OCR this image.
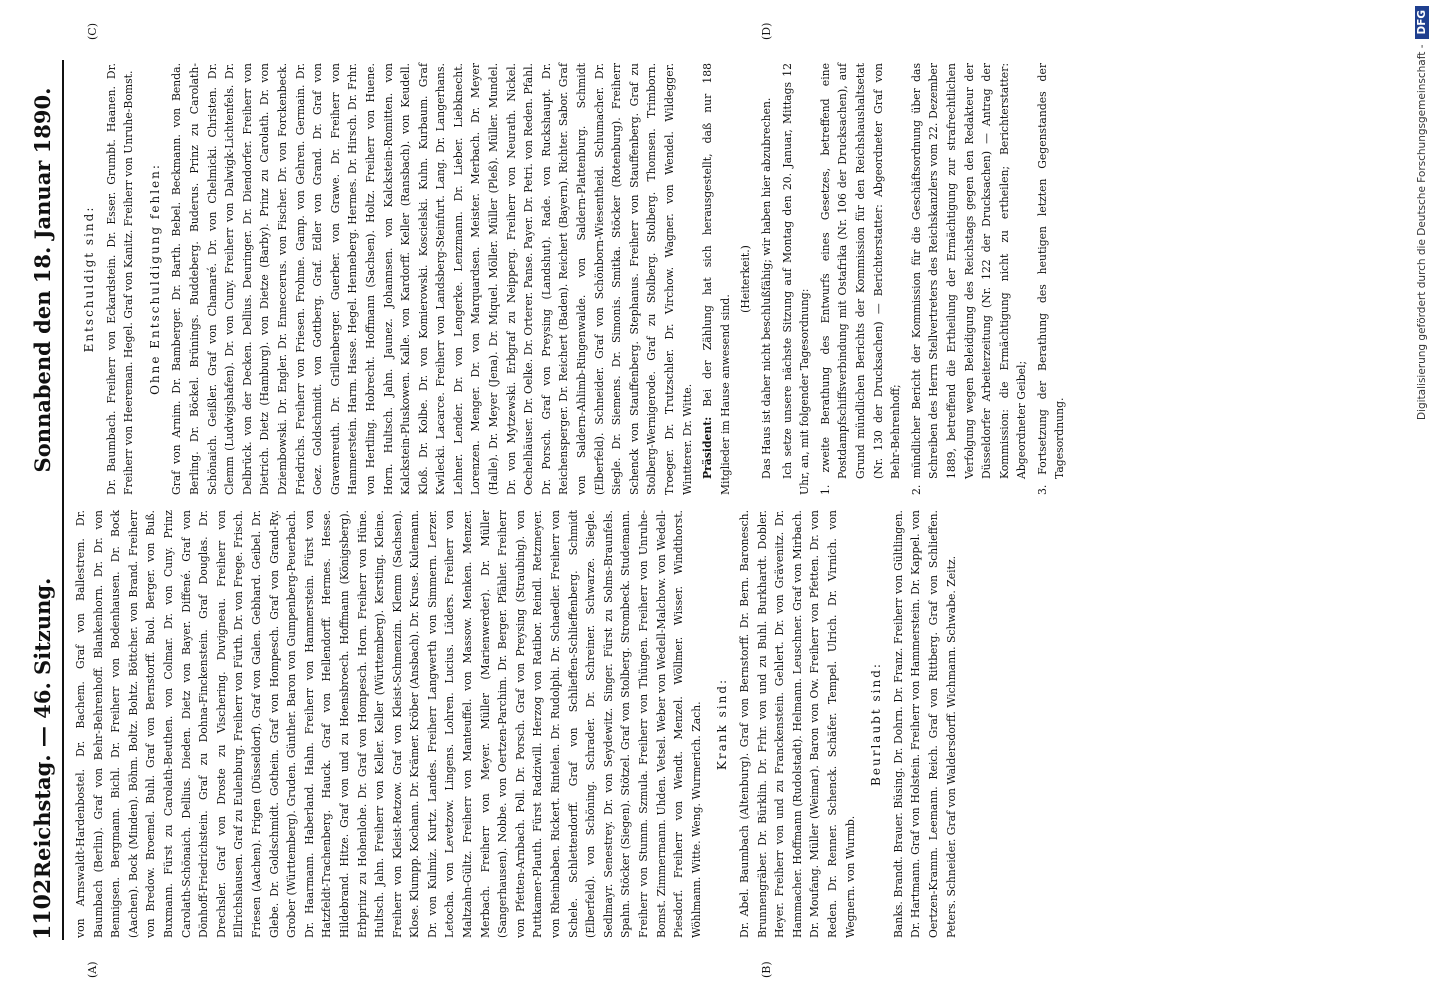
1102
Reichstag. — 46. Sitzung.
Sonnabend den 18. Januar 1890.
(A)	(B)
(C)	(D)

von Arnswaldt-Hardenbostel. Dr. Bachem. Graf von Ballestrem. Dr. Baumbach (Berlin). Graf von Behr-Behrenhoff. Blankenhorn. Dr. Dr. von Bennigsen. Bergmann. Bichl. Dr. Freiherr von Bodenhausen. Dr. Bock (Aachen). Bock (Minden). Böhm. Boltz. Bohtz. Böttcher. von Brand. Freiherr von Bredow. Broemel. Buhl. Graf von Bernstorff. Buol. Berger. von Buß. Buxmann. Fürst zu Carolath-Beuthen. von Colmar. Dr. von Cuny. Prinz Carolath-Schönaich. Dellius. Dieden. Dietz von Bayer. Diffené. Graf von Dönhoff-Friedrichstein. Graf zu Dohna-Finckenstein. Graf Douglas. Dr. Drechsler. Graf von Droste zu Vischering. Duvigneau. Freiherr von Ellrichshausen. Graf zu Eulenburg. Freiherr von Fürth. Dr. von Frege. Frisch. Friesen (Aachen). Frigen (Düsseldorf). Graf von Galen. Gebhard. Geibel. Dr. Glebe. Dr. Goldschmidt. Gothein. Graf von Hompesch. Graf von Grand-Ry. Grober (Württemberg). Gruden. Günther. Baron von Gumpenberg-Peuerbach. Dr. Haarmann. Haberland. Hahn. Freiherr von Hammerstein. Fürst von Hatzfeldt-Trachenberg. Hauck. Graf von Hellendorff. Hermes. Hesse. Hildebrand. Hitze. Graf von und zu Hoensbroech. Hoffmann (Königsberg). Erbprinz zu Hohenlohe. Dr. Graf von Hompesch. Horn. Freiherr von Hüne. Hultsch. Jahn. Freiherr von Keller. Keller (Württemberg). Kersting. Kleine. Freiherr von Kleist-Retzow. Graf von Kleist-Schmenzin. Klemm (Sachsen). Klose. Klumpp. Kochann. Dr. Krämer. Kröber (Ansbach). Dr. Kruse. Kulemann. Dr. von Kulmiz. Kurtz. Landes. Freiherr Langwerth von Simmern. Lerzer. Letocha. von Levetzow. Lingens. Lohren. Lucius. Lüders. Freiherr von Maltzahn-Gültz. Freiherr von Manteuffel. von Massow. Menken. Menzer. Merbach. Freiherr von Meyer. Müller (Marienwerder). Dr. Müller (Sangerhausen). Nobbe. von Oertzen-Parchim. Dr. Berger. Pfähler. Freiherr von Pfetten-Arnbach. Poll. Dr. Porsch. Graf von Preysing (Straubing). von Puttkamer-Plauth. Fürst Radziwill. Herzog von Ratibor. Reindl. Retzmeyer. von Rheinbaben. Rickert. Rintelen. Dr. Rudolphi. Dr. Schaedler. Freiherr von Schele. Schlettendorff. Graf von Schlieffen-Schlieffenberg. Schmidt (Elberfeld). von Schöning. Schrader. Dr. Schreiner. Schwarze. Siegle. Sedlmayr. Senestrey. Dr. von Seydewitz. Singer. Fürst zu Solms-Braunfels. Spahn. Stöcker (Siegen). Stötzel. Graf von Stolberg. Strombeck. Studemann. Freiherr von Stumm. Szmula. Freiherr von Thüngen. Freiherr von Unruhe-Bomst. Zimmermann. Uhden. Vetsel. Weber von Wedell-Malchow. von Wedell-Piesdorf. Freiherr von Wendt. Menzel. Wöllmer. Wisser. Windthorst. Wöhlmann. Witte. Weng. Wurmerich. Zach. Krank sind: Dr. Abel. Baumbach (Altenburg). Graf von Bernstorff. Dr. Bern. Baronesch. Brunnengräber. Dr. Bürklin. Dr. Frhr. von und zu Buhl. Burkhardt. Dobler. Heyer. Freiherr von und zu Franckenstein. Gehlert. Dr. von Grävenitz. Dr. Hammacher. Hoffmann (Rudolstadt). Helmann. Leuschner. Graf von Mirbach. Dr. Moufang. Müller (Weimar). Baron von Ow. Freiherr von Pfetten. Dr. von Reden. Dr. Renner. Schenck. Schäfer. Tempel. Ulrich. Dr. Virnich. von Wegnern. von Wurmb.

Beurlaubt sind: Banks. Brandt. Brauer. Büsing. Dr. Dohrn. Dr. Franz. Freiherr von Gültlingen. Dr. Hartmann. Graf von Holstein. Freiherr von Hammerstein. Dr. Kappel. von Oertzen-Kramm. Leemann. Reich. Graf von Rittberg. Graf von Schlieffen. Peters. Schneider. Graf von Waldersdorff. Wichmann. Schwabe. Zeitz.

Entschuldigt sind: Dr. Baumbach. Freiherr von Eckardstein. Dr. Esser. Grumbt. Haanen. Dr. Freiherr von Heereman. Hegel. Graf von Kanitz. Freiherr von Unruhe-Bomst. Ohne Entschuldigung fehlen: Graf von Arnim. Dr. Bamberger. Dr. Barth. Bebel. Beckmann. von Benda. Berling. Dr. Böckel. Brünings. Buddeberg. Buderus. Prinz zu Carolath-Schönaich. Geißler. Graf von Chamaré. Dr. von Chelmicki. Christen. Dr. Clemm (Ludwigshafen). Dr. von Cuny. Freiherr von Dalwigk-Lichtenfels. Dr. Delbrück. von der Decken. Dellius. Deuringer. Dr. Diendorfer. Freiherr von Dietrich. Dietz (Hamburg). von Dietze (Barby). Prinz zu Carolath. Dr. von Dziembowski. Dr. Engler. Dr. Enneccerus. von Fischer. Dr. von Forckenbeck. Friedrichs. Freiherr von Friesen. Frohme. Gamp. von Gehren. Germain. Dr. Goez. Goldschmidt. von Gottberg. Graf. Edler von Grand. Dr. Graf von Gravenreuth. Dr. Grillenberger. Guerber. von Grawe. Dr. Freiherr von Hammerstein. Harm. Hasse. Hegel. Henneberg. Hermes. Dr. Hirsch. Dr. Frhr. von Hertling. Hobrecht. Hoffmann (Sachsen). Holtz. Freiherr von Huene. Horn. Hultsch. Jahn. Jaunez. Johannsen. von Kalckstein-Romitten. von Kalckstein-Pluskowen. Kalle. von Kardorff. Keller (Ransbach). von Keudell. Kloß. Dr. Kolbe. Dr. von Komierowski. Koscielski. Kuhn. Kurbaum. Graf Kwilecki. Lacarce. Freiherr von Landsberg-Steinfurt. Lang. Dr. Langerhans. Lehner. Lender. Dr. von Lengerke. Lenzmann. Dr. Lieber. Liebknecht. Lorenzen. Menger. Dr. von Marquardsen. Meister. Merbach. Dr. Meyer (Halle). Dr. Meyer (Jena). Dr. Miquel. Möller. Müller (Pleß). Müller. Mundel. Dr. von Mytzewski. Erbgraf zu Neipperg. Freiherr von Neurath. Nickel. Oechelhäuser. Dr. Oelke. Dr. Orterer. Panse. Payer. Dr. Petri. von Reden. Pfahl. Dr. Porsch. Graf von Preysing (Landshut). Rade. von Ruckshaupt. Dr. Reichensperger. Dr. Reichert (Baden). Reichert (Bayern). Richter. Sabor. Graf von Saldern-Ahlimb-Ringenwalde. von Saldern-Plattenburg. Schmidt (Elberfeld). Schneider. Graf von Schönborn-Wiesentheid. Schumacher. Dr. Siegle. Dr. Siemens. Dr. Simonis. Smitka. Stöcker (Rotenburg). Freiherr Schenck von Stauffenberg. Stephanus. Freiherr von Stauffenberg. Graf zu Stolberg-Wernigerode. Graf zu Stolberg. Stolberg. Thomsen. Trimborn. Troeger. Dr. Trutzschler. Dr. Virchow. Wagner. von Wendel. Wildegger. Wintterer. Dr. Witte. Präsident: Bei der Zählung hat sich herausgestellt, daß nur 188 Mitglieder im Hause anwesend sind.

(Heiterkeit.) Das Haus ist daher nicht beschlußfähig; wir haben hier abzubrechen. Ich setze unsere nächste Sitzung auf Montag den 20. Januar, Mittags 12 Uhr, an, mit folgender Tagesordnung: 1. zweite Berathung des Entwurfs eines Gesetzes, betreffend eine Postdampfschiffsverbindung mit Ostafrika (Nr. 106 der Drucksachen), auf Grund mündlichen Berichts der Kommission für den Reichshaushaltsetat (Nr. 130 der Drucksachen) — Berichterstatter: Abgeordneter Graf von Behr-Behrenhoff; 2. mündlicher Bericht der Kommission für die Geschäftsordnung über das Schreiben des Herrn Stellvertreters des Reichskanzlers vom 22. Dezember 1889, betreffend die Ertheilung der Ermächtigung zur strafrechtlichen Verfolgung wegen Beleidigung des Reichstags gegen den Redakteur der Düsseldorfer Arbeiterzeitung (Nr. 122 der Drucksachen) — Antrag der Kommission: die Ermächtigung nicht zu ertheilen; Berichterstatter: Abgeordneter Geibel; 3. Fortsetzung der Berathung des heutigen letzten Gegenstandes der Tagesordnung.

Digitalisierung gefördert durch die Deutsche Forschungsgemeinschaft -DFG
